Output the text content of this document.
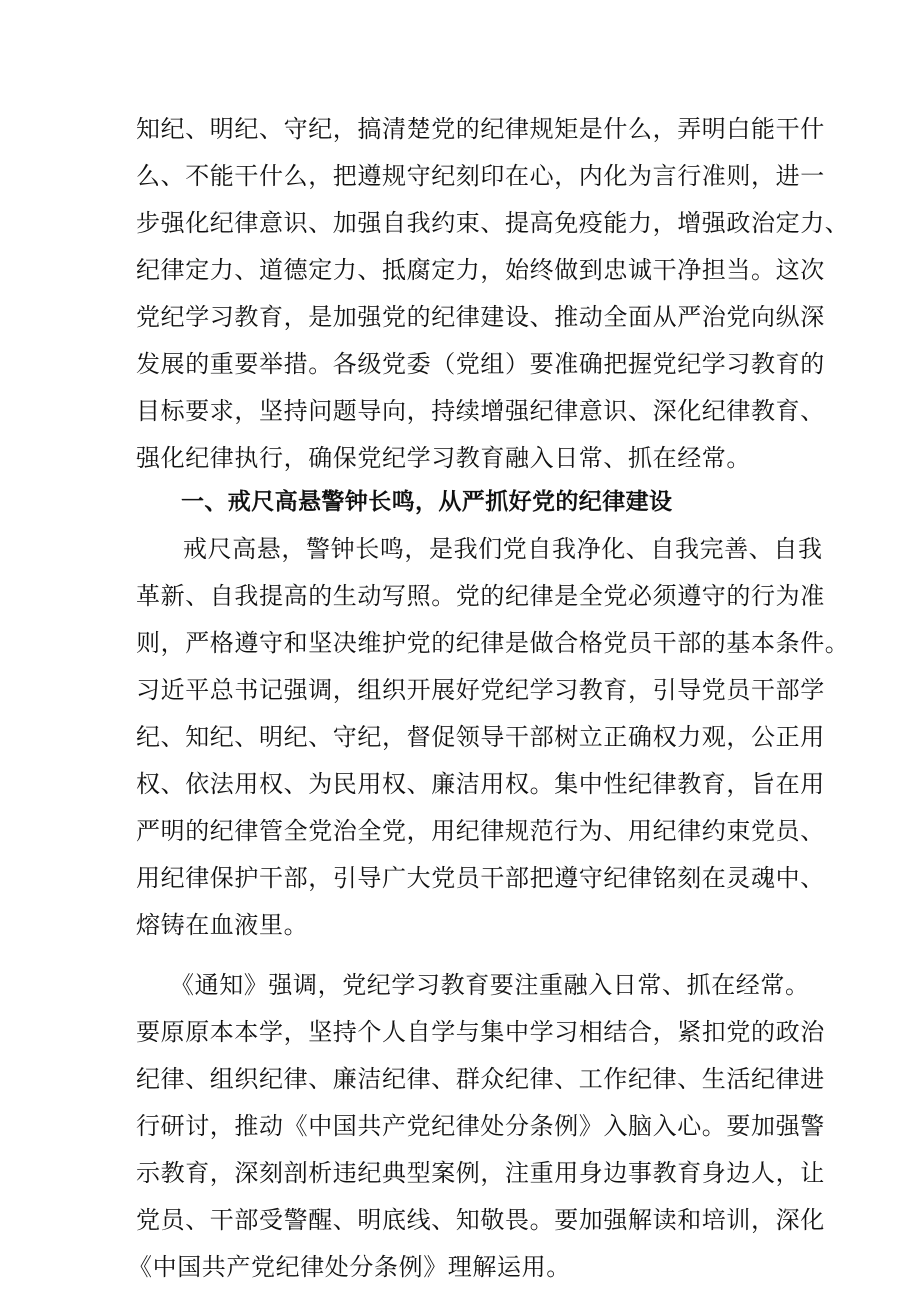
知纪、明纪、守纪，搞清楚党的纪律规矩是什么，弄明白能干什
么、不能干什么，把遵规守纪刻印在心，内化为言行准则，进一
步强化纪律意识、加强自我约束、提高免疫能力，增强政治定力、
纪律定力、道德定力、抵腐定力，始终做到忠诚干净担当。这次
党纪学习教育，是加强党的纪律建设、推动全面从严治党向纵深
发展的重要举措。各级党委（党组）要准确把握党纪学习教育的
目标要求，坚持问题导向，持续增强纪律意识、深化纪律教育、
强化纪律执行，确保党纪学习教育融入日常、抓在经常。
一、戒尺高悬警钟长鸣，从严抓好党的纪律建设
戒尺高悬，警钟长鸣，是我们党自我净化、自我完善、自我
革新、自我提高的生动写照。党的纪律是全党必须遵守的行为准
则，严格遵守和坚决维护党的纪律是做合格党员干部的基本条件。
习近平总书记强调，组织开展好党纪学习教育，引导党员干部学
纪、知纪、明纪、守纪，督促领导干部树立正确权力观，公正用
权、依法用权、为民用权、廉洁用权。集中性纪律教育，旨在用
严明的纪律管全党治全党，用纪律规范行为、用纪律约束党员、
用纪律保护干部，引导广大党员干部把遵守纪律铭刻在灵魂中、
熔铸在血液里。
《通知》强调，党纪学习教育要注重融入日常、抓在经常。
要原原本本学，坚持个人自学与集中学习相结合，紧扣党的政治
纪律、组织纪律、廉洁纪律、群众纪律、工作纪律、生活纪律进
行研讨，推动《中国共产党纪律处分条例》入脑入心。要加强警
示教育，深刻剖析违纪典型案例，注重用身边事教育身边人，让
党员、干部受警醒、明底线、知敬畏。要加强解读和培训，深化
《中国共产党纪律处分条例》理解运用。
